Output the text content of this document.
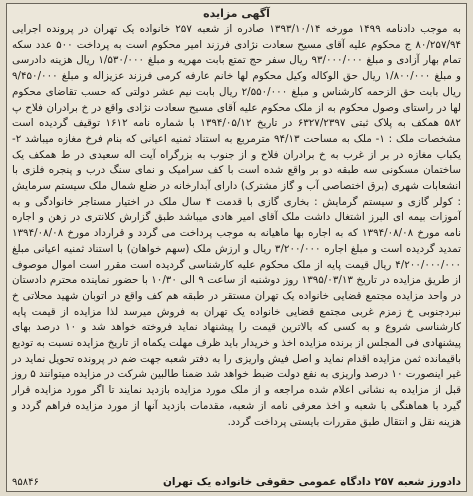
آگهی مزایده

به موجب دادنامه ۱۴۹۹ مورخه ۱۳۹۳/۱۰/۱۴ صادره از شعبه ۲۵۷ خانواده یک تهران در پرونده اجرایی ۸۰/۲۵۷/۹۴ ج محکوم علیه آقای مسیح سعادت نژادی فرزند امیر محکوم است به پرداخت ۵۰۰ عدد سکه تمام بهار آزادی و مبلغ ۹۳/۰۰۰/۰۰۰ ریال سفر حج تمتع بابت مهریه و مبلغ ۱/۵۳۰/۰۰۰ ریال هزینه دادرسی و مبلغ ۱/۸۰۰/۰۰۰ ریال حق الوکاله وکیل محکوم لها خانم عارفه کرمی فرزند عزیزاله و مبلغ ۹/۴۵۰/۰۰۰ ریال بابت حق الزحمه کارشناس و مبلغ ۲/۵۵۰/۰۰۰ ریال بابت نیم عشر دولتی که حسب تقاضای محکوم لها در راستای وصول محکوم به از ملک محکوم علیه آقای مسیح سعادت نژادی واقع در خ برادران فلاح پ ۵۸۲ همکف به پلاک ثبتی ۶۳۲۷/۲۳۹۷ در تاریخ ۱۳۹۴/۰۵/۱۲ با شماره نامه ۱۶۱۲ توقیف گردیده است مشخصات ملک : ۱- ملک به مساحت ۹۴/۱۳ مترمربع به استناد ثمنیه اعیانی که بنام فرخ مغازه میباشد ۲- یکباب مغازه در بر از غرب به خ برادران فلاح و از جنوب به بزرگراه آیت اله سعیدی در ط همکف یک ساختمان مسکونی سه طبقه دو بر واقع شده است با کف سرامیک و نمای سنگ درب و پنجره فلزی با انشعابات شهری (برق اختصاصی آب و گاز مشترک) دارای آبدارخانه در ضلع شمال ملک سیستم سرمایش : کولر گازی و سیستم گرمایش : بخاری گازی با قدمت ۴ سال ملک در اختیار مستاجر خانوادگی و به آموزات بیمه ای البرز اشتغال داشت ملک آقای امیر هادی میباشد طبق گزارش کلانتری در زهن و اجاره نامه مورخ ۱۳۹۴/۰۸/۰۸ که به اجاره بها ماهیانه به موجب پرداخت می گردد و قرارداد مورخ ۱۳۹۴/۰۸/۰۸ تمدید گردیده است و مبلغ اجاره ۳/۲۰۰/۰۰۰ ریال و ارزش ملک (سهم خواهان) با استناد ثمنیه اعیانی مبلغ ۴/۲۰۰/۰۰۰/۰۰۰ ریال قیمت پایه از ملک محکوم علیه کارشناسی گردیده است مقرر است اموال موصوف از طریق مزایده در تاریخ ۱۳۹۵/۰۳/۱۳ روز دوشنبه از ساعت ۹ الی ۱۰/۳۰ با حضور نماینده محترم دادستان در واحد مزایده مجتمع قضایی خانواده یک تهران مستقر در طبقه هم کف واقع در اتوبان شهید محلاتی خ نبردجنوبی خ زمزم غربی مجتمع قضایی خانواده یک تهران به فروش میرسد لذا مزایده از قیمت پایه کارشناسی شروع و به کسی که بالاترین قیمت را پیشنهاد نماید فروخته خواهد شد و ۱۰ درصد بهای پیشنهادی فی المجلس از برنده مزایده اخذ و خریدار باید ظرف مهلت یکماه از تاریخ مزایده نسبت به تودیع باقیمانده ثمن مزایده اقدام نماید و اصل فیش واریزی را به دفتر شعبه جهت ضم در پرونده تحویل نماید در غیر اینصورت ۱۰ درصد واریزی به نفع دولت ضبط خواهد شد ضمنا طالبین شرکت در مزایده میتوانند ۵ روز قبل از مزایده به نشانی اعلام شده مراجعه و از ملک مورد مزایده بازدید نمایند تا اگر مورد مزایده قرار گیرد با هماهنگی با شعبه و اخذ معرفی نامه از شعبه، مقدمات بازدید آنها از مورد مزایده فراهم گردد و هزینه نقل و انتقال طبق مقررات بایستی پرداخت گردد.

دادورز شعبه ۲۵۷ دادگاه عمومی حقوقی خانواده یک تهران
۹۵۸۴۶
